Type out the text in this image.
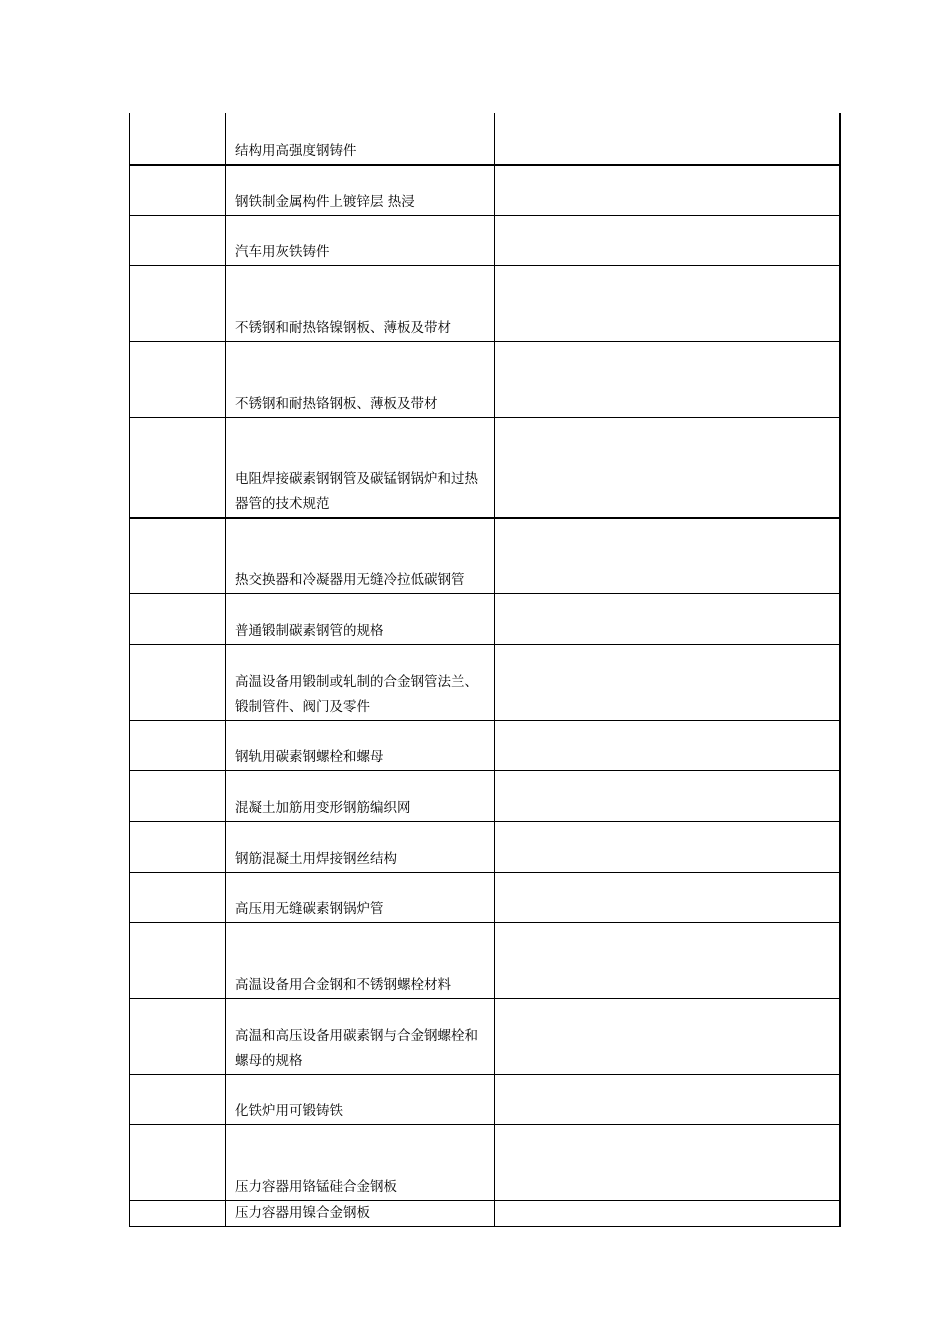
	结构用高强度钢铸件	

	钢铁制金属构件上镀锌层 热浸	

	汽车用灰铁铸件	

	不锈钢和耐热铬镍钢板、薄板及带材	

	不锈钢和耐热铬钢板、薄板及带材	

	电阻焊接碳素钢钢管及碳锰钢锅炉和过热器管的技术规范	

	热交换器和冷凝器用无缝冷拉低碳钢管	

	普通锻制碳素钢管的规格	

	高温设备用锻制或轧制的合金钢管法兰、锻制管件、阀门及零件	

	钢轨用碳素钢螺栓和螺母	

	混凝土加筋用变形钢筋编织网	

	钢筋混凝土用焊接钢丝结构	

	高压用无缝碳素钢锅炉管	

	高温设备用合金钢和不锈钢螺栓材料	

	高温和高压设备用碳素钢与合金钢螺栓和螺母的规格	

	化铁炉用可锻铸铁	

	压力容器用铬锰硅合金钢板	

	压力容器用镍合金钢板	
